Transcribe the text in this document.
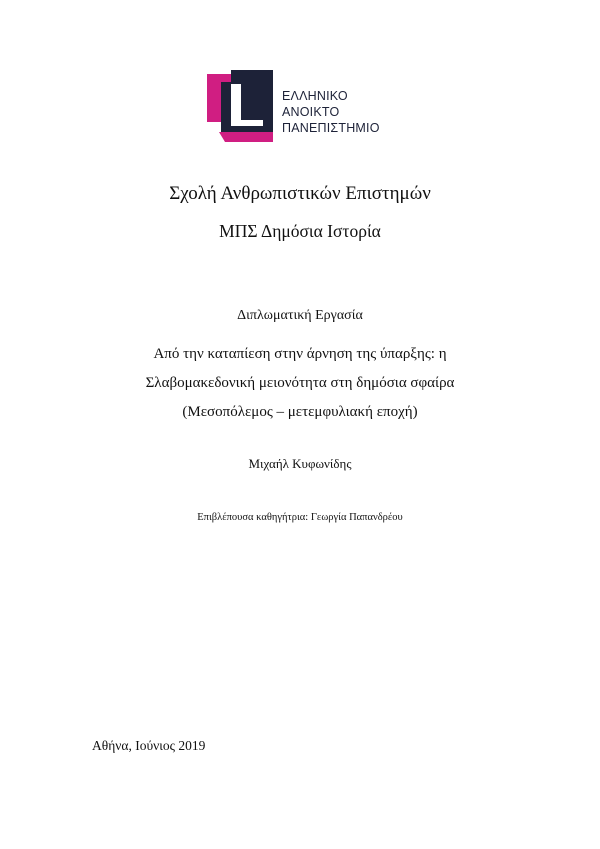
ΕΛΛΗΝΙΚΟ
ΑΝΟΙΚΤΟ
ΠΑΝΕΠΙΣΤΗΜΙΟ
Σχολή Ανθρωπιστικών Επιστημών
ΜΠΣ Δημόσια Ιστορία
Διπλωματική Εργασία
Από την καταπίεση στην άρνηση της ύπαρξης: η
Σλαβομακεδονική μειονότητα στη δημόσια σφαίρα
(Μεσοπόλεμος – μετεμφυλιακή εποχή)
Μιχαήλ Κυφωνίδης
Επιβλέπουσα καθηγήτρια: Γεωργία Παπανδρέου
Αθήνα, Ιούνιος 2019
